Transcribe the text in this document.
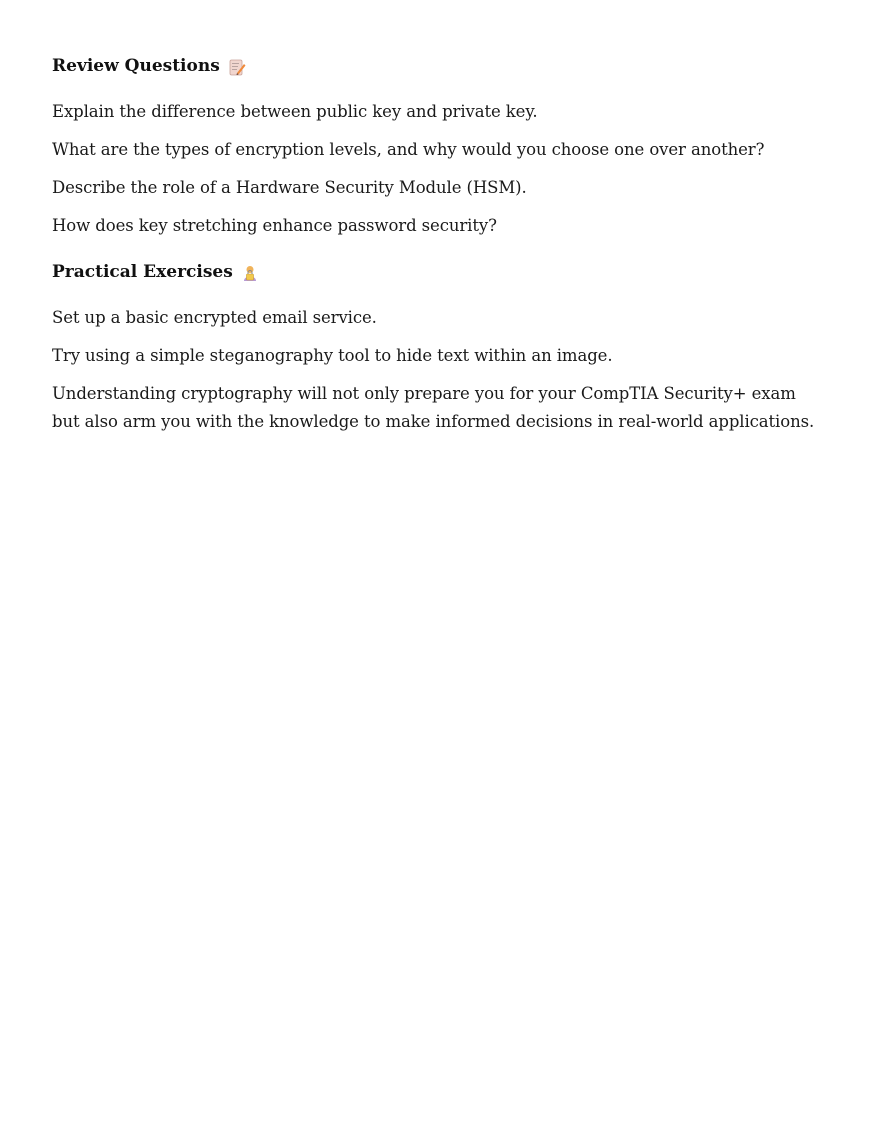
Review Questions

Explain the difference between public key and private key.

What are the types of encryption levels, and why would you choose one over another?

Describe the role of a Hardware Security Module (HSM).

How does key stretching enhance password security?

Practical Exercises

Set up a basic encrypted email service.

Try using a simple steganography tool to hide text within an image.

Understanding cryptography will not only prepare you for your CompTIA Security+ exam but also arm you with the knowledge to make informed decisions in real-world applications.
